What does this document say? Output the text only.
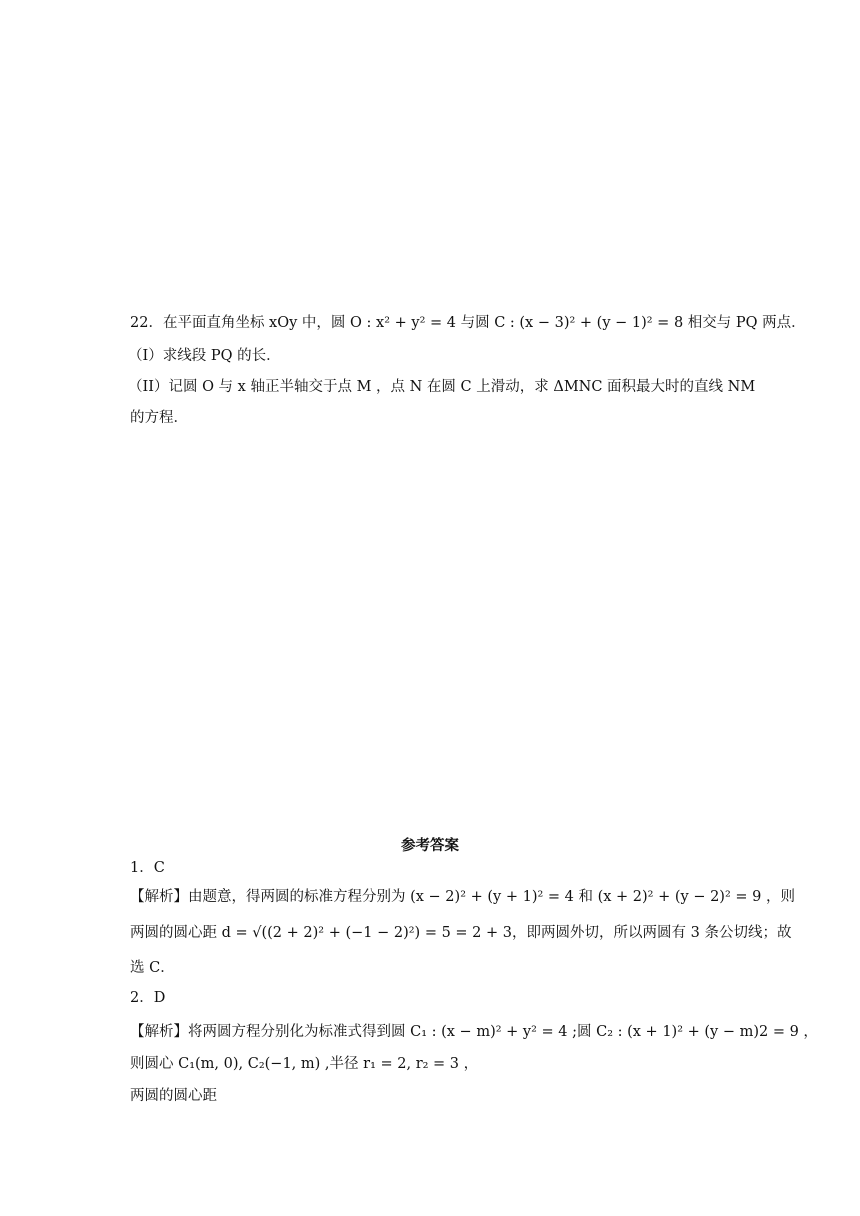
22．在平面直角坐标 xOy 中，圆 O : x² + y² = 4 与圆 C : (x − 3)² + (y − 1)² = 8 相交与 PQ 两点．
（I）求线段 PQ 的长．
（II）记圆 O 与 x 轴正半轴交于点 M ，点 N 在圆 C 上滑动，求 ΔMNC 面积最大时的直线 NM
的方程．
参考答案
1．C
【解析】由题意，得两圆的标准方程分别为 (x − 2)² + (y + 1)² = 4 和 (x + 2)² + (y − 2)² = 9 ，则
两圆的圆心距 d = √((2 + 2)² + (−1 − 2)²) = 5 = 2 + 3，即两圆外切，所以两圆有 3 条公切线；故
选 C．
2．D
【解析】将两圆方程分别化为标准式得到圆 C₁ : (x − m)² + y² = 4 ;圆 C₂ : (x + 1)² + (y − m)2 = 9 ，
则圆心 C₁(m, 0), C₂(−1, m) ,半径 r₁ = 2, r₂ = 3 ，
两圆的圆心距
